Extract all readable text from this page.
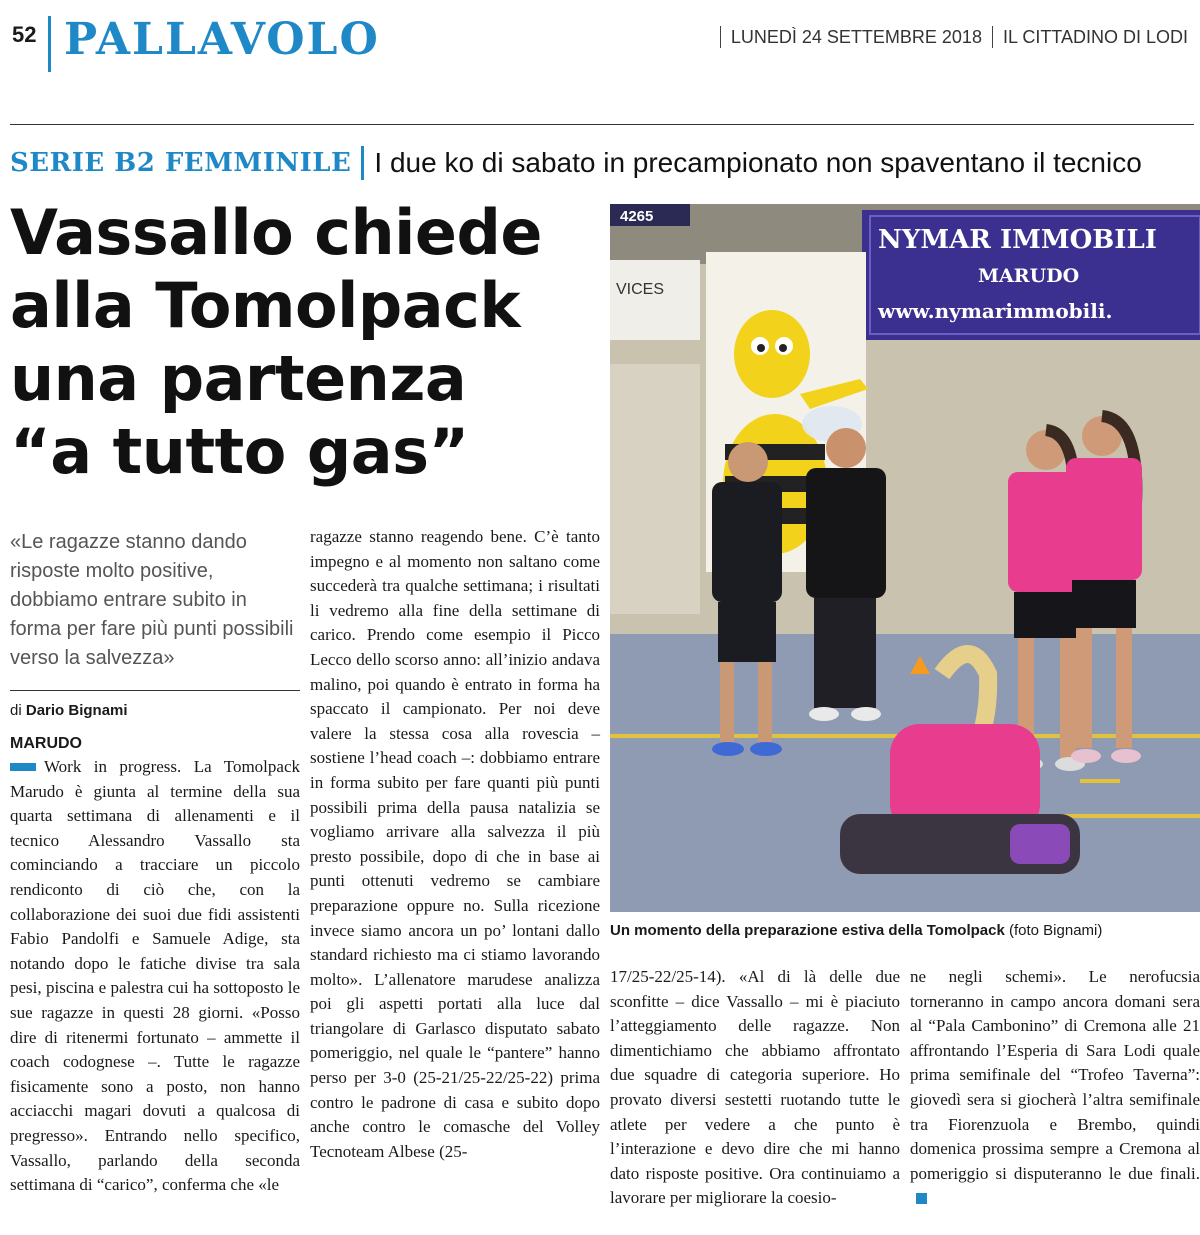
52 PALLAVOLO	LUNEDÌ 24 SETTEMBRE 2018 IL CITTADINO DI LODI
SERIE B2 FEMMINILE I due ko di sabato in precampionato non spaventano il tecnico
Vassallo chiede
alla Tomolpack
una partenza
“a tutto gas”
4265
VICES
NYMAR IMMOBILI
MARUDO
www.nymarimmobili.
Un momento della preparazione estiva della Tomolpack (foto Bignami)
«Le ragazze stanno dando risposte molto positive, dobbiamo entrare subito in forma per fare più punti possibili verso la salvezza»
di Dario Bignami
MARUDO

Work in progress. La Tomolpack Marudo è giunta al termine della sua quarta settimana di allenamenti e il tecnico Alessandro Vassallo sta cominciando a tracciare un piccolo rendiconto di ciò che, con la collaborazione dei suoi due fidi assistenti Fabio Pandolfi e Samuele Adige, sta notando dopo le fatiche divise tra sala pesi, piscina e palestra cui ha sottoposto le sue ragazze in questi 28 giorni. «Posso dire di ritenermi fortunato – ammette il coach codognese –. Tutte le ragazze fisicamente sono a posto, non hanno acciacchi magari dovuti a qualcosa di pregresso». Entrando nello specifico, Vassallo, parlando della seconda settimana di “carico”, conferma che «le

ragazze stanno reagendo bene. C’è tanto impegno e al momento non saltano come succederà tra qualche settimana; i risultati li vedremo alla fine della settimane di carico. Prendo come esempio il Picco Lecco dello scorso anno: all’inizio andava malino, poi quando è entrato in forma ha spaccato il campionato. Per noi deve valere la stessa cosa alla rovescia – sostiene l’head coach –: dobbiamo entrare in forma subito per fare quanti più punti possibili prima della pausa natalizia se vogliamo arrivare alla salvezza il più presto possibile, dopo di che in base ai punti ottenuti vedremo se cambiare preparazione oppure no. Sulla ricezione invece siamo ancora un po’ lontani dallo standard richiesto ma ci stiamo lavorando molto». L’allenatore marudese analizza poi gli aspetti portati alla luce dal triangolare di Garlasco disputato sabato pomeriggio, nel quale le “pantere” hanno perso per 3-0 (25-21/25-22/25-22) prima contro le padrone di casa e subito dopo anche contro le comasche del Volley Tecnoteam Albese (25-

17/25-22/25-14). «Al di là delle due sconfitte – dice Vassallo – mi è piaciuto l’atteggiamento delle ragazze. Non dimentichiamo che abbiamo affrontato due squadre di categoria superiore. Ho provato diversi sestetti ruotando tutte le atlete per vedere a che punto è l’interazione e devo dire che mi hanno dato risposte positive. Ora continuiamo a lavorare per migliorare la coesio-

ne negli schemi». Le nerofucsia torneranno in campo ancora domani sera al “Pala Cambonino” di Cremona alle 21 affrontando l’Esperia di Sara Lodi quale prima semifinale del “Trofeo Taverna”: giovedì sera si giocherà l’altra semifinale tra Fiorenzuola e Brembo, quindi domenica prossima sempre a Cremona al pomeriggio si disputeranno le due finali.
